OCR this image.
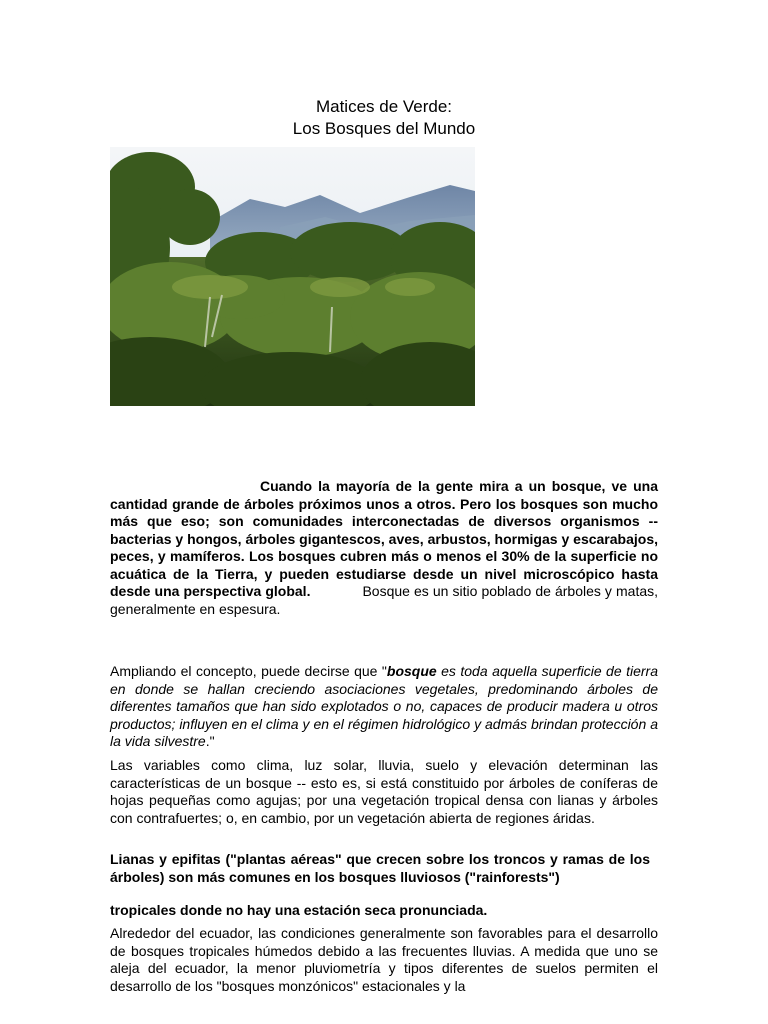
Matices de Verde:
Los Bosques del Mundo

Cuando la mayoría de la gente mira a un bosque, ve una cantidad grande de árboles próximos unos a otros. Pero los bosques son mucho más que eso; son comunidades interconectadas de diversos organismos -- bacterias y hongos, árboles gigantescos, aves, arbustos, hormigas y escarabajos, peces, y mamíferos. Los bosques cubren más o menos el 30% de la superficie no acuática de la Tierra, y pueden estudiarse desde un nivel microscópico hasta desde una perspectiva global.	Bosque es un sitio poblado de árboles y matas, generalmente en espesura.

Ampliando el concepto, puede decirse que "bosque es toda aquella superficie de tierra en donde se hallan creciendo asociaciones vegetales, predominando árboles de diferentes tamaños que han sido explotados o no, capaces de producir madera u otros productos; influyen en el clima y en el régimen hidrológico y admás brindan protección a la vida silvestre."

Las variables como clima, luz solar, lluvia, suelo y elevación determinan las características de un bosque -- esto es, si está constituido por árboles de coníferas de hojas pequeñas como agujas; por una vegetación tropical densa con lianas y árboles con contrafuertes; o, en cambio, por un vegetación abierta de regiones áridas.

Lianas y epifitas ("plantas aéreas" que crecen sobre los troncos y ramas de los árboles) son más comunes en los bosques lluviosos ("rainforests")

tropicales donde no hay una estación seca pronunciada.

Alrededor del ecuador, las condiciones generalmente son favorables para el desarrollo de bosques tropicales húmedos debido a las frecuentes lluvias. A medida que uno se aleja del ecuador, la menor pluviometría y tipos diferentes de suelos permiten el desarrollo de los "bosques monzónicos" estacionales y la
